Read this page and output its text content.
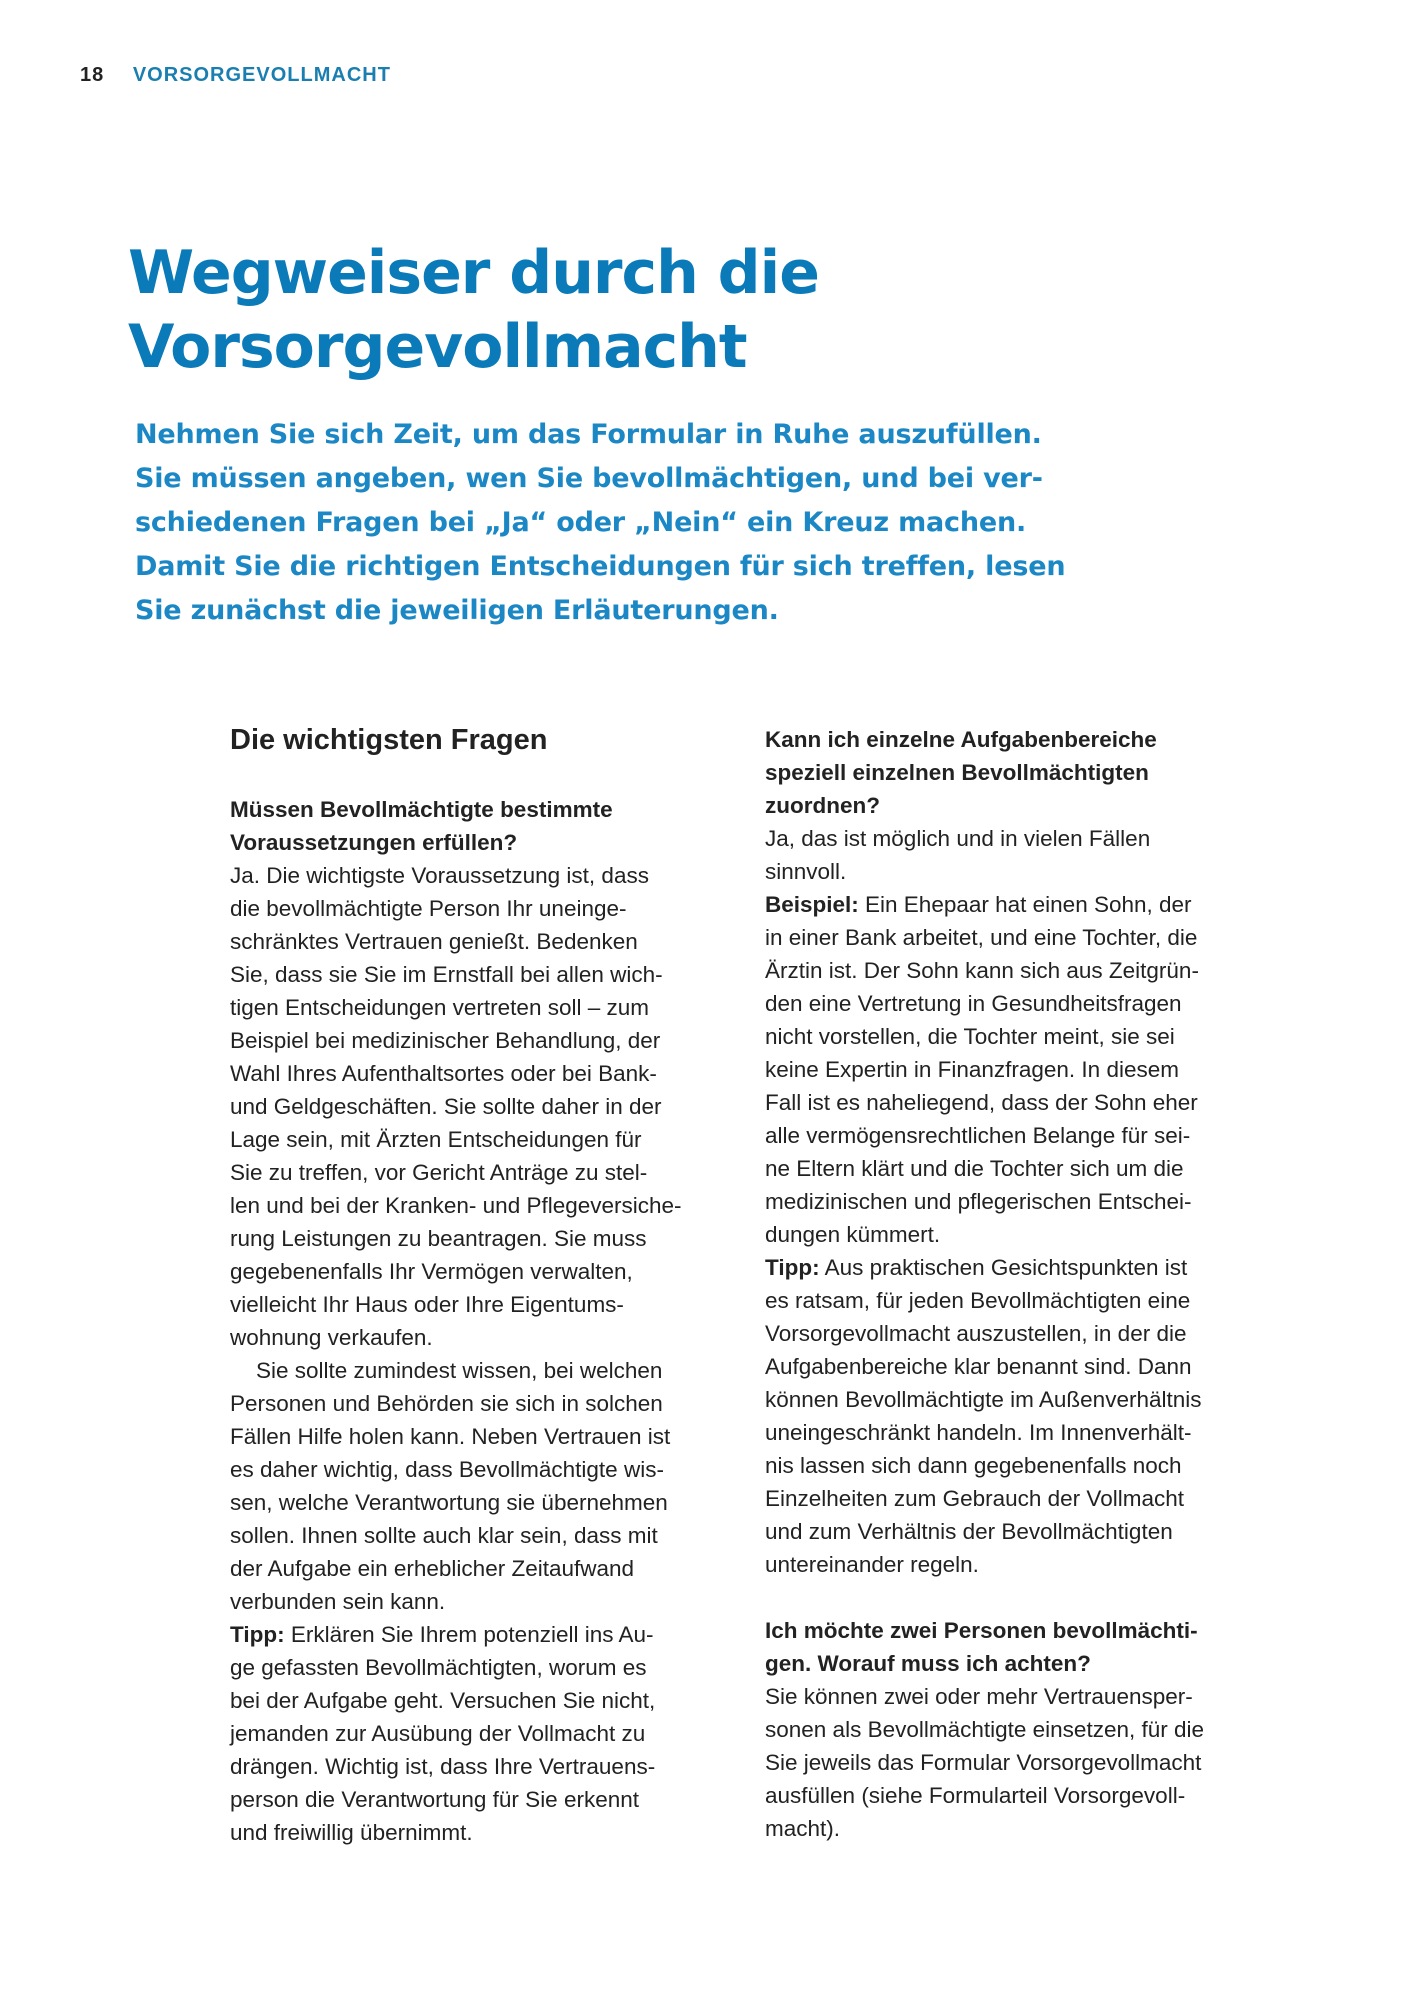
18 VORSORGEVOLLMACHT
Wegweiser durch die
Vorsorgevollmacht
Nehmen Sie sich Zeit, um das Formular in Ruhe auszufüllen.
Sie müssen angeben, wen Sie bevollmächtigen, und bei ver-
schiedenen Fragen bei „Ja“ oder „Nein“ ein Kreuz machen.
Damit Sie die richtigen Entscheidungen für sich treffen, lesen
Sie zunächst die jeweiligen Erläuterungen.
Die wichtigsten Fragen
Müssen Bevollmächtigte bestimmte
Voraussetzungen erfüllen?
Ja. Die wichtigste Voraussetzung ist, dass
die bevollmächtigte Person Ihr uneinge-
schränktes Vertrauen genießt. Bedenken
Sie, dass sie Sie im Ernstfall bei allen wich-
tigen Entscheidungen vertreten soll – zum
Beispiel bei medizinischer Behandlung, der
Wahl Ihres Aufenthaltsortes oder bei Bank-
und Geldgeschäften. Sie sollte daher in der
Lage sein, mit Ärzten Entscheidungen für
Sie zu treffen, vor Gericht Anträge zu stel-
len und bei der Kranken- und Pflegeversiche-
rung Leistungen zu beantragen. Sie muss
gegebenenfalls Ihr Vermögen verwalten,
vielleicht Ihr Haus oder Ihre Eigentums-
wohnung verkaufen.
Sie sollte zumindest wissen, bei welchen
Personen und Behörden sie sich in solchen
Fällen Hilfe holen kann. Neben Vertrauen ist
es daher wichtig, dass Bevollmächtigte wis-
sen, welche Verantwortung sie übernehmen
sollen. Ihnen sollte auch klar sein, dass mit
der Aufgabe ein erheblicher Zeitaufwand
verbunden sein kann.
Tipp: Erklären Sie Ihrem potenziell ins Au-
ge gefassten Bevollmächtigten, worum es
bei der Aufgabe geht. Versuchen Sie nicht,
jemanden zur Ausübung der Vollmacht zu
drängen. Wichtig ist, dass Ihre Vertrauens-
person die Verantwortung für Sie erkennt
und freiwillig übernimmt.
Kann ich einzelne Aufgabenbereiche
speziell einzelnen Bevollmächtigten
zuordnen?
Ja, das ist möglich und in vielen Fällen
sinnvoll.
Beispiel: Ein Ehepaar hat einen Sohn, der
in einer Bank arbeitet, und eine Tochter, die
Ärztin ist. Der Sohn kann sich aus Zeitgrün-
den eine Vertretung in Gesundheitsfragen
nicht vorstellen, die Tochter meint, sie sei
keine Expertin in Finanzfragen. In diesem
Fall ist es naheliegend, dass der Sohn eher
alle vermögensrechtlichen Belange für sei-
ne Eltern klärt und die Tochter sich um die
medizinischen und pflegerischen Entschei-
dungen kümmert.
Tipp: Aus praktischen Gesichtspunkten ist
es ratsam, für jeden Bevollmächtigten eine
Vorsorgevollmacht auszustellen, in der die
Aufgabenbereiche klar benannt sind. Dann
können Bevollmächtigte im Außenverhältnis
uneingeschränkt handeln. Im Innenverhält-
nis lassen sich dann gegebenenfalls noch
Einzelheiten zum Gebrauch der Vollmacht
und zum Verhältnis der Bevollmächtigten
untereinander regeln.
Ich möchte zwei Personen bevollmächti-
gen. Worauf muss ich achten?
Sie können zwei oder mehr Vertrauensper-
sonen als Bevollmächtigte einsetzen, für die
Sie jeweils das Formular Vorsorgevollmacht
ausfüllen (siehe Formularteil Vorsorgevoll-
macht).
